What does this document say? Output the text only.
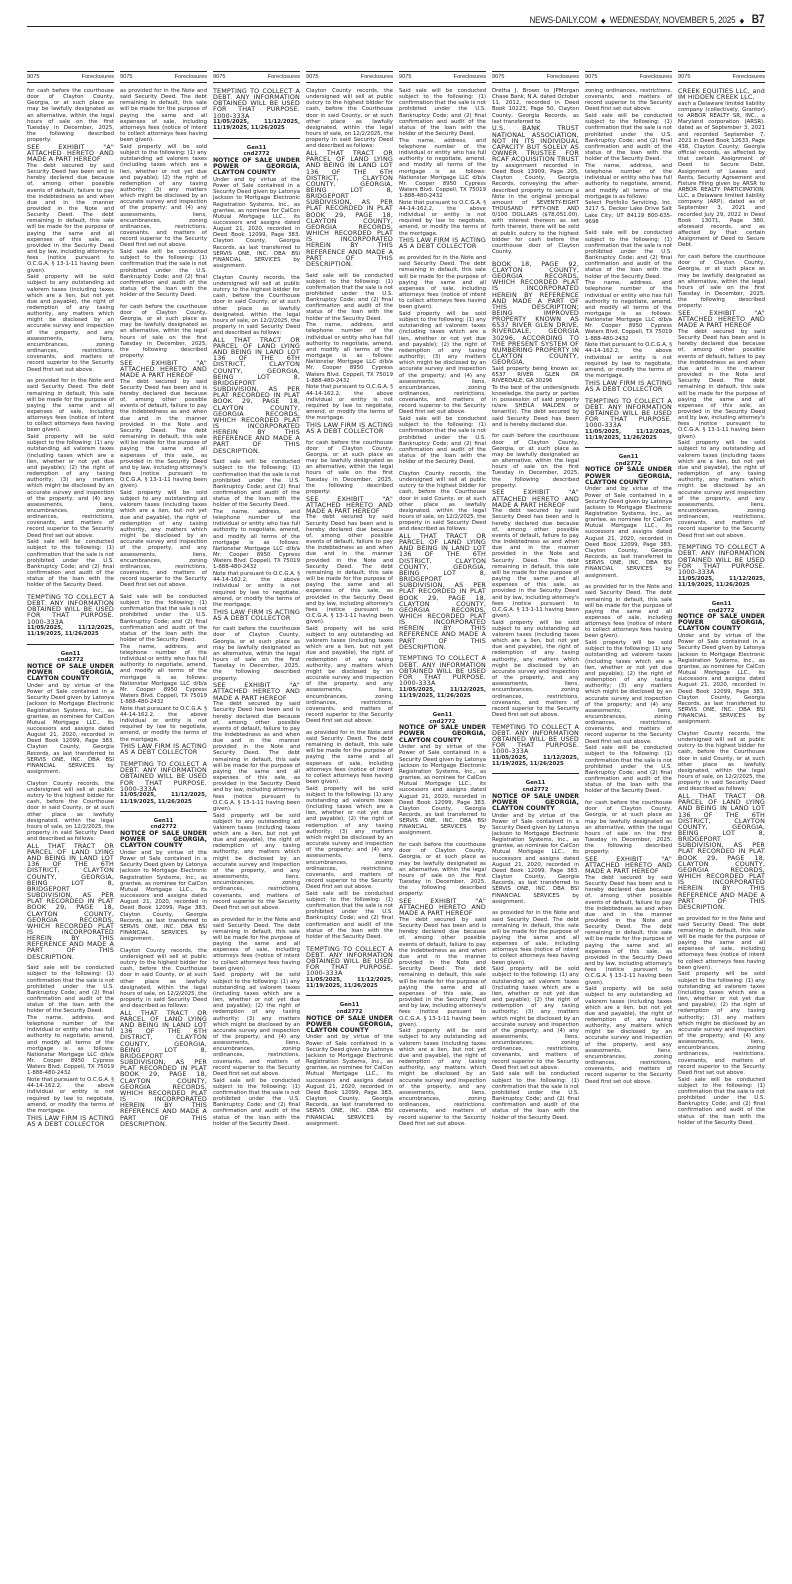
NEWS-DAILY.COM ◆ WEDNESDAY, NOVEMBER 5, 2025 ◆ B7
9075	Foreclosures

for cash before the courthouse door of Clayton County, Georgia, or at such place as may be lawfully designated as an alternative, within the legal hours of sale on the first Tuesday in December, 2025, the following described property:

SEE EXHIBIT "A" ATTACHED HERETO AND MADE A PART HEREOF

The debt secured by said Security Deed has been and is hereby declared due because of, among other possible events of default, failure to pay the indebtedness as and when due and in the manner provided in the Note and Security Deed. The debt remaining in default, this sale will be made for the purpose of paying the same and all expenses of this sale, as provided in the Security Deed and by law, including attorney's fees (notice pursuant to O.C.G.A. § 13-1-11 having been given).

Said property will be sold subject to any outstanding ad valorem taxes (including taxes which are a lien, but not yet due and payable), the right of redemption of any taxing authority, any matters which might be disclosed by an accurate survey and inspection of the property, and any assessments, liens, encumbrances, zoning ordinances, restrictions, covenants, and matters of record superior to the Security Deed first set out above.

as provided for in the Note and said Security Deed. The debt remaining in default, this sale will be made for the purpose of paying the same and all expenses of sale, including attorneys fees (notice of intent to collect attorneys fees having been given).

Said property will be sold subject to the following: (1) any outstanding ad valorem taxes (including taxes which are a lien, whether or not yet due and payable); (2) the right of redemption of any taxing authority; (3) any matters which might be disclosed by an accurate survey and inspection of the property; and (4) any assessments, liens, encumbrances, zoning ordinances, restrictions, covenants, and matters of record superior to the Security Deed first set out above.

Said sale will be conducted subject to the following: (1) confirmation that the sale is not prohibited under the U.S. Bankruptcy Code; and (2) final confirmation and audit of the status of the loan with the holder of the Security Deed.

TEMPTING TO COLLECT A DEBT. ANY INFORMATION OBTAINED WILL BE USED FOR THAT PURPOSE. 1000-333A

11/05/2025, 11/12/2025, 11/19/2025, 11/26/2025

Gen11

cnd2772

NOTICE OF SALE UNDER POWER GEORGIA, CLAYTON COUNTY

Under and by virtue of the Power of Sale contained in a Security Deed given by Latonya Jackson to Mortgage Electronic Registration Systems, Inc., as grantee, as nominee for CalCon Mutual Mortgage LLC., its successors and assigns dated August 21, 2020, recorded in Deed Book 12099, Page 383, Clayton County, Georgia Records, as last transferred to SERVIS ONE, INC. DBA BSI FINANCIAL SERVICES by assignment.

Clayton County records, the undersigned will sell at public outcry to the highest bidder for cash, before the Courthouse door in said County, or at such other place as lawfully designated, within the legal hours of sale, on 12/2/2025, the property in said Security Deed and described as follows:

ALL THAT TRACT OR PARCEL OF LAND LYING AND BEING IN LAND LOT 136 OF THE 6TH DISTRICT, CLAYTON COUNTY, GEORGIA, BEING LOT 8, BRIDGEPORT SUBDIVISION, AS PER PLAT RECORDED IN PLAT BOOK 29, PAGE 18, CLAYTON COUNTY, GEORGIA RECORDS, WHICH RECORDED PLAT IS INCORPORATED HEREIN BY THIS REFERENCE AND MADE A PART OF THIS DESCRIPTION.

Said sale will be conducted subject to the following: (1) confirmation that the sale is not prohibited under the U.S. Bankruptcy Code; and (2) final confirmation and audit of the status of the loan with the holder of the Security Deed.

The name, address, and telephone number of the individual or entity who has full authority to negotiate, amend, and modify all terms of the mortgage is as follows: Nationstar Mortgage LLC d/b/a Mr. Cooper 8950 Cypress Waters Blvd. Coppell, TX 75019 1-888-480-2432

Note that pursuant to O.C.G.A. § 44-14-162.2, the above individual or entity is not required by law to negotiate, amend, or modify the terms of the mortgage.

THIS LAW FIRM IS ACTING AS A DEBT COLLECTOR

9075	Foreclosures

as provided for in the Note and said Security Deed. The debt remaining in default, this sale will be made for the purpose of paying the same and all expenses of sale, including attorneys fees (notice of intent to collect attorneys fees having been given).

Said property will be sold subject to the following: (1) any outstanding ad valorem taxes (including taxes which are a lien, whether or not yet due and payable); (2) the right of redemption of any taxing authority; (3) any matters which might be disclosed by an accurate survey and inspection of the property; and (4) any assessments, liens, encumbrances, zoning ordinances, restrictions, covenants, and matters of record superior to the Security Deed first set out above.

Said sale will be conducted subject to the following: (1) confirmation that the sale is not prohibited under the U.S. Bankruptcy Code; and (2) final confirmation and audit of the status of the loan with the holder of the Security Deed.

for cash before the courthouse door of Clayton County, Georgia, or at such place as may be lawfully designated as an alternative, within the legal hours of sale on the first Tuesday in December, 2025, the following described property:

SEE EXHIBIT "A" ATTACHED HERETO AND MADE A PART HEREOF

The debt secured by said Security Deed has been and is hereby declared due because of, among other possible events of default, failure to pay the indebtedness as and when due and in the manner provided in the Note and Security Deed. The debt remaining in default, this sale will be made for the purpose of paying the same and all expenses of this sale, as provided in the Security Deed and by law, including attorney's fees (notice pursuant to O.C.G.A. § 13-1-11 having been given).

Said property will be sold subject to any outstanding ad valorem taxes (including taxes which are a lien, but not yet due and payable), the right of redemption of any taxing authority, any matters which might be disclosed by an accurate survey and inspection of the property, and any assessments, liens, encumbrances, zoning ordinances, restrictions, covenants, and matters of record superior to the Security Deed first set out above.

Said sale will be conducted subject to the following: (1) confirmation that the sale is not prohibited under the U.S. Bankruptcy Code; and (2) final confirmation and audit of the status of the loan with the holder of the Security Deed.

The name, address, and telephone number of the individual or entity who has full authority to negotiate, amend, and modify all terms of the mortgage is as follows: Nationstar Mortgage LLC d/b/a Mr. Cooper 8950 Cypress Waters Blvd. Coppell, TX 75019 1-888-480-2432

Note that pursuant to O.C.G.A. § 44-14-162.2, the above individual or entity is not required by law to negotiate, amend, or modify the terms of the mortgage.

THIS LAW FIRM IS ACTING AS A DEBT COLLECTOR

TEMPTING TO COLLECT A DEBT. ANY INFORMATION OBTAINED WILL BE USED FOR THAT PURPOSE. 1000-333A

11/05/2025, 11/12/2025, 11/19/2025, 11/26/2025

Gen11

cnd2772

NOTICE OF SALE UNDER POWER GEORGIA, CLAYTON COUNTY

Under and by virtue of the Power of Sale contained in a Security Deed given by Latonya Jackson to Mortgage Electronic Registration Systems, Inc., as grantee, as nominee for CalCon Mutual Mortgage LLC., its successors and assigns dated August 21, 2020, recorded in Deed Book 12099, Page 383, Clayton County, Georgia Records, as last transferred to SERVIS ONE, INC. DBA BSI FINANCIAL SERVICES by assignment.

Clayton County records, the undersigned will sell at public outcry to the highest bidder for cash, before the Courthouse door in said County, or at such other place as lawfully designated, within the legal hours of sale, on 12/2/2025, the property in said Security Deed and described as follows:

ALL THAT TRACT OR PARCEL OF LAND LYING AND BEING IN LAND LOT 136 OF THE 6TH DISTRICT, CLAYTON COUNTY, GEORGIA, BEING LOT 8, BRIDGEPORT SUBDIVISION, AS PER PLAT RECORDED IN PLAT BOOK 29, PAGE 18, CLAYTON COUNTY, GEORGIA RECORDS, WHICH RECORDED PLAT IS INCORPORATED HEREIN BY THIS REFERENCE AND MADE A PART OF THIS DESCRIPTION.

9075	Foreclosures

TEMPTING TO COLLECT A DEBT. ANY INFORMATION OBTAINED WILL BE USED FOR THAT PURPOSE. 1000-333A

11/05/2025, 11/12/2025, 11/19/2025, 11/26/2025

Gen11

cnd2772

NOTICE OF SALE UNDER POWER GEORGIA, CLAYTON COUNTY

Under and by virtue of the Power of Sale contained in a Security Deed given by Latonya Jackson to Mortgage Electronic Registration Systems, Inc., as grantee, as nominee for CalCon Mutual Mortgage LLC., its successors and assigns dated August 21, 2020, recorded in Deed Book 12099, Page 383, Clayton County, Georgia Records, as last transferred to SERVIS ONE, INC. DBA BSI FINANCIAL SERVICES by assignment.

Clayton County records, the undersigned will sell at public outcry to the highest bidder for cash, before the Courthouse door in said County, or at such other place as lawfully designated, within the legal hours of sale, on 12/2/2025, the property in said Security Deed and described as follows:

ALL THAT TRACT OR PARCEL OF LAND LYING AND BEING IN LAND LOT 136 OF THE 6TH DISTRICT, CLAYTON COUNTY, GEORGIA, BEING LOT 8, BRIDGEPORT SUBDIVISION, AS PER PLAT RECORDED IN PLAT BOOK 29, PAGE 18, CLAYTON COUNTY, GEORGIA RECORDS, WHICH RECORDED PLAT IS INCORPORATED HEREIN BY THIS REFERENCE AND MADE A PART OF THIS DESCRIPTION.

Said sale will be conducted subject to the following: (1) confirmation that the sale is not prohibited under the U.S. Bankruptcy Code; and (2) final confirmation and audit of the status of the loan with the holder of the Security Deed.

The name, address, and telephone number of the individual or entity who has full authority to negotiate, amend, and modify all terms of the mortgage is as follows: Nationstar Mortgage LLC d/b/a Mr. Cooper 8950 Cypress Waters Blvd. Coppell, TX 75019 1-888-480-2432

Note that pursuant to O.C.G.A. § 44-14-162.2, the above individual or entity is not required by law to negotiate, amend, or modify the terms of the mortgage.

THIS LAW FIRM IS ACTING AS A DEBT COLLECTOR

for cash before the courthouse door of Clayton County, Georgia, or at such place as may be lawfully designated as an alternative, within the legal hours of sale on the first Tuesday in December, 2025, the following described property:

SEE EXHIBIT "A" ATTACHED HERETO AND MADE A PART HEREOF

The debt secured by said Security Deed has been and is hereby declared due because of, among other possible events of default, failure to pay the indebtedness as and when due and in the manner provided in the Note and Security Deed. The debt remaining in default, this sale will be made for the purpose of paying the same and all expenses of this sale, as provided in the Security Deed and by law, including attorney's fees (notice pursuant to O.C.G.A. § 13-1-11 having been given).

Said property will be sold subject to any outstanding ad valorem taxes (including taxes which are a lien, but not yet due and payable), the right of redemption of any taxing authority, any matters which might be disclosed by an accurate survey and inspection of the property, and any assessments, liens, encumbrances, zoning ordinances, restrictions, covenants, and matters of record superior to the Security Deed first set out above.

as provided for in the Note and said Security Deed. The debt remaining in default, this sale will be made for the purpose of paying the same and all expenses of sale, including attorneys fees (notice of intent to collect attorneys fees having been given).

Said property will be sold subject to the following: (1) any outstanding ad valorem taxes (including taxes which are a lien, whether or not yet due and payable); (2) the right of redemption of any taxing authority; (3) any matters which might be disclosed by an accurate survey and inspection of the property; and (4) any assessments, liens, encumbrances, zoning ordinances, restrictions, covenants, and matters of record superior to the Security Deed first set out above.

Said sale will be conducted subject to the following: (1) confirmation that the sale is not prohibited under the U.S. Bankruptcy Code; and (2) final confirmation and audit of the status of the loan with the holder of the Security Deed.

9075	Foreclosures

Clayton County records, the undersigned will sell at public outcry to the highest bidder for cash, before the Courthouse door in said County, or at such other place as lawfully designated, within the legal hours of sale, on 12/2/2025, the property in said Security Deed and described as follows:

ALL THAT TRACT OR PARCEL OF LAND LYING AND BEING IN LAND LOT 136 OF THE 6TH DISTRICT, CLAYTON COUNTY, GEORGIA, BEING LOT 8, BRIDGEPORT SUBDIVISION, AS PER PLAT RECORDED IN PLAT BOOK 29, PAGE 18, CLAYTON COUNTY, GEORGIA RECORDS, WHICH RECORDED PLAT IS INCORPORATED HEREIN BY THIS REFERENCE AND MADE A PART OF THIS DESCRIPTION.

Said sale will be conducted subject to the following: (1) confirmation that the sale is not prohibited under the U.S. Bankruptcy Code; and (2) final confirmation and audit of the status of the loan with the holder of the Security Deed.

The name, address, and telephone number of the individual or entity who has full authority to negotiate, amend, and modify all terms of the mortgage is as follows: Nationstar Mortgage LLC d/b/a Mr. Cooper 8950 Cypress Waters Blvd. Coppell, TX 75019 1-888-480-2432

Note that pursuant to O.C.G.A. § 44-14-162.2, the above individual or entity is not required by law to negotiate, amend, or modify the terms of the mortgage.

THIS LAW FIRM IS ACTING AS A DEBT COLLECTOR

for cash before the courthouse door of Clayton County, Georgia, or at such place as may be lawfully designated as an alternative, within the legal hours of sale on the first Tuesday in December, 2025, the following described property:

SEE EXHIBIT "A" ATTACHED HERETO AND MADE A PART HEREOF

The debt secured by said Security Deed has been and is hereby declared due because of, among other possible events of default, failure to pay the indebtedness as and when due and in the manner provided in the Note and Security Deed. The debt remaining in default, this sale will be made for the purpose of paying the same and all expenses of this sale, as provided in the Security Deed and by law, including attorney's fees (notice pursuant to O.C.G.A. § 13-1-11 having been given).

Said property will be sold subject to any outstanding ad valorem taxes (including taxes which are a lien, but not yet due and payable), the right of redemption of any taxing authority, any matters which might be disclosed by an accurate survey and inspection of the property, and any assessments, liens, encumbrances, zoning ordinances, restrictions, covenants, and matters of record superior to the Security Deed first set out above.

as provided for in the Note and said Security Deed. The debt remaining in default, this sale will be made for the purpose of paying the same and all expenses of sale, including attorneys fees (notice of intent to collect attorneys fees having been given).

Said property will be sold subject to the following: (1) any outstanding ad valorem taxes (including taxes which are a lien, whether or not yet due and payable); (2) the right of redemption of any taxing authority; (3) any matters which might be disclosed by an accurate survey and inspection of the property; and (4) any assessments, liens, encumbrances, zoning ordinances, restrictions, covenants, and matters of record superior to the Security Deed first set out above.

Said sale will be conducted subject to the following: (1) confirmation that the sale is not prohibited under the U.S. Bankruptcy Code; and (2) final confirmation and audit of the status of the loan with the holder of the Security Deed.

TEMPTING TO COLLECT A DEBT. ANY INFORMATION OBTAINED WILL BE USED FOR THAT PURPOSE. 1000-333A

11/05/2025, 11/12/2025, 11/19/2025, 11/26/2025

Gen11

cnd2772

NOTICE OF SALE UNDER POWER GEORGIA, CLAYTON COUNTY

Under and by virtue of the Power of Sale contained in a Security Deed given by Latonya Jackson to Mortgage Electronic Registration Systems, Inc., as grantee, as nominee for CalCon Mutual Mortgage LLC., its successors and assigns dated August 21, 2020, recorded in Deed Book 12099, Page 383, Clayton County, Georgia Records, as last transferred to SERVIS ONE, INC. DBA BSI FINANCIAL SERVICES by assignment.

9075	Foreclosures

Said sale will be conducted subject to the following: (1) confirmation that the sale is not prohibited under the U.S. Bankruptcy Code; and (2) final confirmation and audit of the status of the loan with the holder of the Security Deed.

The name, address, and telephone number of the individual or entity who has full authority to negotiate, amend, and modify all terms of the mortgage is as follows: Nationstar Mortgage LLC d/b/a Mr. Cooper 8950 Cypress Waters Blvd. Coppell, TX 75019 1-888-480-2432

Note that pursuant to O.C.G.A. § 44-14-162.2, the above individual or entity is not required by law to negotiate, amend, or modify the terms of the mortgage.

THIS LAW FIRM IS ACTING AS A DEBT COLLECTOR

as provided for in the Note and said Security Deed. The debt remaining in default, this sale will be made for the purpose of paying the same and all expenses of sale, including attorneys fees (notice of intent to collect attorneys fees having been given).

Said property will be sold subject to the following: (1) any outstanding ad valorem taxes (including taxes which are a lien, whether or not yet due and payable); (2) the right of redemption of any taxing authority; (3) any matters which might be disclosed by an accurate survey and inspection of the property; and (4) any assessments, liens, encumbrances, zoning ordinances, restrictions, covenants, and matters of record superior to the Security Deed first set out above.

Said sale will be conducted subject to the following: (1) confirmation that the sale is not prohibited under the U.S. Bankruptcy Code; and (2) final confirmation and audit of the status of the loan with the holder of the Security Deed.

Clayton County records, the undersigned will sell at public outcry to the highest bidder for cash, before the Courthouse door in said County, or at such other place as lawfully designated, within the legal hours of sale, on 12/2/2025, the property in said Security Deed and described as follows:

ALL THAT TRACT OR PARCEL OF LAND LYING AND BEING IN LAND LOT 136 OF THE 6TH DISTRICT, CLAYTON COUNTY, GEORGIA, BEING LOT 8, BRIDGEPORT SUBDIVISION, AS PER PLAT RECORDED IN PLAT BOOK 29, PAGE 18, CLAYTON COUNTY, GEORGIA RECORDS, WHICH RECORDED PLAT IS INCORPORATED HEREIN BY THIS REFERENCE AND MADE A PART OF THIS DESCRIPTION.

TEMPTING TO COLLECT A DEBT. ANY INFORMATION OBTAINED WILL BE USED FOR THAT PURPOSE. 1000-333A

11/05/2025, 11/12/2025, 11/19/2025, 11/26/2025

Gen11

cnd2772

NOTICE OF SALE UNDER POWER GEORGIA, CLAYTON COUNTY

Under and by virtue of the Power of Sale contained in a Security Deed given by Latonya Jackson to Mortgage Electronic Registration Systems, Inc., as grantee, as nominee for CalCon Mutual Mortgage LLC., its successors and assigns dated August 21, 2020, recorded in Deed Book 12099, Page 383, Clayton County, Georgia Records, as last transferred to SERVIS ONE, INC. DBA BSI FINANCIAL SERVICES by assignment.

for cash before the courthouse door of Clayton County, Georgia, or at such place as may be lawfully designated as an alternative, within the legal hours of sale on the first Tuesday in December, 2025, the following described property:

SEE EXHIBIT "A" ATTACHED HERETO AND MADE A PART HEREOF

The debt secured by said Security Deed has been and is hereby declared due because of, among other possible events of default, failure to pay the indebtedness as and when due and in the manner provided in the Note and Security Deed. The debt remaining in default, this sale will be made for the purpose of paying the same and all expenses of this sale, as provided in the Security Deed and by law, including attorney's fees (notice pursuant to O.C.G.A. § 13-1-11 having been given).

Said property will be sold subject to any outstanding ad valorem taxes (including taxes which are a lien, but not yet due and payable), the right of redemption of any taxing authority, any matters which might be disclosed by an accurate survey and inspection of the property, and any assessments, liens, encumbrances, zoning ordinances, restrictions, covenants, and matters of record superior to the Security Deed first set out above.

9075	Foreclosures

Dretha J. Brown to JPMorgan Chase Bank, N.A. dated October 11, 2012, recorded in Deed Book 10223, Page 50, Clayton County, Georgia Records, as last transferred to

U.S. BANK TRUST NATIONAL ASSOCIATION, NOT IN ITS INDIVIDUAL CAPACITY BUT SOLELY AS OWNER TRUSTEE FOR RCAF ACQUISITION TRUST

by assignment recorded in Deed Book 13909, Page 205, Clayton County, Georgia Records, conveying the after-described property to secure a Note in the original principal amount of SEVENTY-EIGHT THOUSAND FIFTY-ONE AND 0/100 DOLLARS ($78,051.00), with interest thereon as set forth therein, there will be sold at public outcry to the highest bidder for cash before the courthouse door of Clayton County.

BOOK 18, PAGE 92, CLAYTON COUNTY, GEORGIA RECORDS, WHICH RECORDED PLAT IS INCORPORATED HEREIN BY REFERENCE AND MADE A PART OF THIS DESCRIPTION; BEING IMPROVED PROPERTY KNOWN AS 6537 RIVER GLEN DRIVE, RIVERDALE, GEORGIA 30296, ACCORDING TO THE PRESENT SYSTEM OF NUMBERING PROPERTY IN CLAYTON COUNTY, GEORGIA.

Said property being known as: 6537 RIVER GLEN DR RIVERDALE, GA 30296

To the best of the undersigneds knowledge, the party or parties in possession of said property is/are SHEILA MALDEN or tenant(s). The debt secured by said Security Deed has been and is hereby declared due.

for cash before the courthouse door of Clayton County, Georgia, or at such place as may be lawfully designated as an alternative, within the legal hours of sale on the first Tuesday in December, 2025, the following described property:

SEE EXHIBIT "A" ATTACHED HERETO AND MADE A PART HEREOF

The debt secured by said Security Deed has been and is hereby declared due because of, among other possible events of default, failure to pay the indebtedness as and when due and in the manner provided in the Note and Security Deed. The debt remaining in default, this sale will be made for the purpose of paying the same and all expenses of this sale, as provided in the Security Deed and by law, including attorney's fees (notice pursuant to O.C.G.A. § 13-1-11 having been given).

Said property will be sold subject to any outstanding ad valorem taxes (including taxes which are a lien, but not yet due and payable), the right of redemption of any taxing authority, any matters which might be disclosed by an accurate survey and inspection of the property, and any assessments, liens, encumbrances, zoning ordinances, restrictions, covenants, and matters of record superior to the Security Deed first set out above.

TEMPTING TO COLLECT A DEBT. ANY INFORMATION OBTAINED WILL BE USED FOR THAT PURPOSE. 1000-333A

11/05/2025, 11/12/2025, 11/19/2025, 11/26/2025

Gen11

cnd2772

NOTICE OF SALE UNDER POWER GEORGIA, CLAYTON COUNTY

Under and by virtue of the Power of Sale contained in a Security Deed given by Latonya Jackson to Mortgage Electronic Registration Systems, Inc., as grantee, as nominee for CalCon Mutual Mortgage LLC., its successors and assigns dated August 21, 2020, recorded in Deed Book 12099, Page 383, Clayton County, Georgia Records, as last transferred to SERVIS ONE, INC. DBA BSI FINANCIAL SERVICES by assignment.

as provided for in the Note and said Security Deed. The debt remaining in default, this sale will be made for the purpose of paying the same and all expenses of sale, including attorneys fees (notice of intent to collect attorneys fees having been given).

Said property will be sold subject to the following: (1) any outstanding ad valorem taxes (including taxes which are a lien, whether or not yet due and payable); (2) the right of redemption of any taxing authority; (3) any matters which might be disclosed by an accurate survey and inspection of the property; and (4) any assessments, liens, encumbrances, zoning ordinances, restrictions, covenants, and matters of record superior to the Security Deed first set out above.

Said sale will be conducted subject to the following: (1) confirmation that the sale is not prohibited under the U.S. Bankruptcy Code; and (2) final confirmation and audit of the status of the loan with the holder of the Security Deed.

9075	Foreclosures

zoning ordinances, restrictions, covenants, and matters of record superior to the Security Deed first set out above.

Said sale will be conducted subject to the following: (1) confirmation that the sale is not prohibited under the U.S. Bankruptcy Code; and (2) final confirmation and audit of the status of the loan with the holder of the Security Deed.

The name, address, and telephone number of the individual or entity who has full authority to negotiate, amend, and modify all terms of the mortgage is as follows:

Select Portfolio Servicing, Inc. 3217 S. Decker Lake Drive Salt Lake City, UT 84119 800-635-9698

Said sale will be conducted subject to the following: (1) confirmation that the sale is not prohibited under the U.S. Bankruptcy Code; and (2) final confirmation and audit of the status of the loan with the holder of the Security Deed.

The name, address, and telephone number of the individual or entity who has full authority to negotiate, amend, and modify all terms of the mortgage is as follows: Nationstar Mortgage LLC d/b/a Mr. Cooper 8950 Cypress Waters Blvd. Coppell, TX 75019 1-888-480-2432

Note that pursuant to O.C.G.A. § 44-14-162.2, the above individual or entity is not required by law to negotiate, amend, or modify the terms of the mortgage.

THIS LAW FIRM IS ACTING AS A DEBT COLLECTOR

TEMPTING TO COLLECT A DEBT. ANY INFORMATION OBTAINED WILL BE USED FOR THAT PURPOSE. 1000-333A

11/05/2025, 11/12/2025, 11/19/2025, 11/26/2025

Gen11

cnd2772

NOTICE OF SALE UNDER POWER GEORGIA, CLAYTON COUNTY

Under and by virtue of the Power of Sale contained in a Security Deed given by Latonya Jackson to Mortgage Electronic Registration Systems, Inc., as grantee, as nominee for CalCon Mutual Mortgage LLC., its successors and assigns dated August 21, 2020, recorded in Deed Book 12099, Page 383, Clayton County, Georgia Records, as last transferred to SERVIS ONE, INC. DBA BSI FINANCIAL SERVICES by assignment.

as provided for in the Note and said Security Deed. The debt remaining in default, this sale will be made for the purpose of paying the same and all expenses of sale, including attorneys fees (notice of intent to collect attorneys fees having been given).

Said property will be sold subject to the following: (1) any outstanding ad valorem taxes (including taxes which are a lien, whether or not yet due and payable); (2) the right of redemption of any taxing authority; (3) any matters which might be disclosed by an accurate survey and inspection of the property; and (4) any assessments, liens, encumbrances, zoning ordinances, restrictions, covenants, and matters of record superior to the Security Deed first set out above.

Said sale will be conducted subject to the following: (1) confirmation that the sale is not prohibited under the U.S. Bankruptcy Code; and (2) final confirmation and audit of the status of the loan with the holder of the Security Deed.

for cash before the courthouse door of Clayton County, Georgia, or at such place as may be lawfully designated as an alternative, within the legal hours of sale on the first Tuesday in December, 2025, the following described property:

SEE EXHIBIT "A" ATTACHED HERETO AND MADE A PART HEREOF

The debt secured by said Security Deed has been and is hereby declared due because of, among other possible events of default, failure to pay the indebtedness as and when due and in the manner provided in the Note and Security Deed. The debt remaining in default, this sale will be made for the purpose of paying the same and all expenses of this sale, as provided in the Security Deed and by law, including attorney's fees (notice pursuant to O.C.G.A. § 13-1-11 having been given).

Said property will be sold subject to any outstanding ad valorem taxes (including taxes which are a lien, but not yet due and payable), the right of redemption of any taxing authority, any matters which might be disclosed by an accurate survey and inspection of the property, and any assessments, liens, encumbrances, zoning ordinances, restrictions, covenants, and matters of record superior to the Security Deed first set out above.

9075	Foreclosures

CREEK EQUITIES LLC, and IM HIDDEN CREEK LLC,

each a Delaware limited liability company (collectively, Grantor) to ARBOR REALTY SR, INC., a Maryland corporation (ARSR), dated as of September 3, 2021 and recorded September 7, 2021 in Deed Book 12633, Page 438, Clayton County, Georgia official records, as affected by that certain Assignment of Deed to Secure Debt, Assignment of Leases and Rents, Security Agreement and Fixture Filing given by ARSR to ARBOR REALTY PARTICIPATION, LLC, a Delaware limited liability company (ARP), dated as of September 3, 2021 and recorded July 29, 2022 in Deed Book 13071, Page 380, aforesaid records, and as affected by that certain Assignment of Deed to Secure Debt.

for cash before the courthouse door of Clayton County, Georgia, or at such place as may be lawfully designated as an alternative, within the legal hours of sale on the first Tuesday in December, 2025, the following described property:

SEE EXHIBIT "A" ATTACHED HERETO AND MADE A PART HEREOF

The debt secured by said Security Deed has been and is hereby declared due because of, among other possible events of default, failure to pay the indebtedness as and when due and in the manner provided in the Note and Security Deed. The debt remaining in default, this sale will be made for the purpose of paying the same and all expenses of this sale, as provided in the Security Deed and by law, including attorney's fees (notice pursuant to O.C.G.A. § 13-1-11 having been given).

Said property will be sold subject to any outstanding ad valorem taxes (including taxes which are a lien, but not yet due and payable), the right of redemption of any taxing authority, any matters which might be disclosed by an accurate survey and inspection of the property, and any assessments, liens, encumbrances, zoning ordinances, restrictions, covenants, and matters of record superior to the Security Deed first set out above.

TEMPTING TO COLLECT A DEBT. ANY INFORMATION OBTAINED WILL BE USED FOR THAT PURPOSE. 1000-333A

11/05/2025, 11/12/2025, 11/19/2025, 11/26/2025

Gen11

cnd2772

NOTICE OF SALE UNDER POWER GEORGIA, CLAYTON COUNTY

Under and by virtue of the Power of Sale contained in a Security Deed given by Latonya Jackson to Mortgage Electronic Registration Systems, Inc., as grantee, as nominee for CalCon Mutual Mortgage LLC., its successors and assigns dated August 21, 2020, recorded in Deed Book 12099, Page 383, Clayton County, Georgia Records, as last transferred to SERVIS ONE, INC. DBA BSI FINANCIAL SERVICES by assignment.

Clayton County records, the undersigned will sell at public outcry to the highest bidder for cash, before the Courthouse door in said County, or at such other place as lawfully designated, within the legal hours of sale, on 12/2/2025, the property in said Security Deed and described as follows:

ALL THAT TRACT OR PARCEL OF LAND LYING AND BEING IN LAND LOT 136 OF THE 6TH DISTRICT, CLAYTON COUNTY, GEORGIA, BEING LOT 8, BRIDGEPORT SUBDIVISION, AS PER PLAT RECORDED IN PLAT BOOK 29, PAGE 18, CLAYTON COUNTY, GEORGIA RECORDS, WHICH RECORDED PLAT IS INCORPORATED HEREIN BY THIS REFERENCE AND MADE A PART OF THIS DESCRIPTION.

as provided for in the Note and said Security Deed. The debt remaining in default, this sale will be made for the purpose of paying the same and all expenses of sale, including attorneys fees (notice of intent to collect attorneys fees having been given).

Said property will be sold subject to the following: (1) any outstanding ad valorem taxes (including taxes which are a lien, whether or not yet due and payable); (2) the right of redemption of any taxing authority; (3) any matters which might be disclosed by an accurate survey and inspection of the property; and (4) any assessments, liens, encumbrances, zoning ordinances, restrictions, covenants, and matters of record superior to the Security Deed first set out above.

Said sale will be conducted subject to the following: (1) confirmation that the sale is not prohibited under the U.S. Bankruptcy Code; and (2) final confirmation and audit of the status of the loan with the holder of the Security Deed.
